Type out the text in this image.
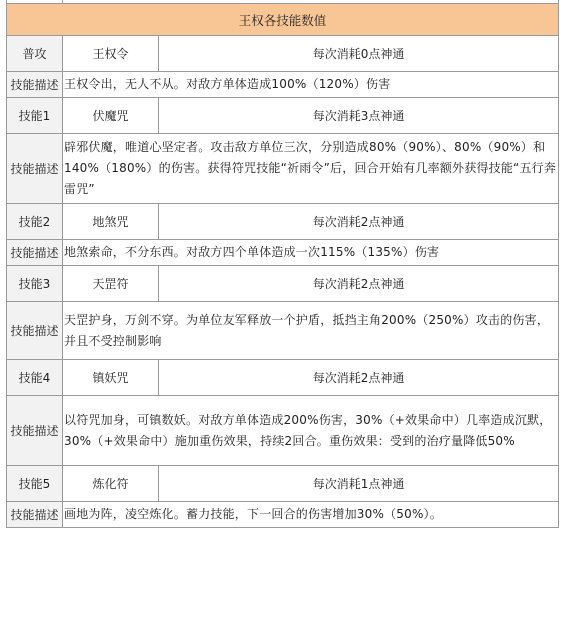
王权各技能数值		
普攻	王权令	每次消耗0点神通
技能描述	王权令出，无人不从。对敌方单体造成100%（120%）伤害	
技能1	伏魔咒	每次消耗3点神通
技能描述	辟邪伏魔，唯道心坚定者。攻击敌方单位三次，分别造成80%（90%）、80%（90%）和140%（180%）的伤害。获得符咒技能“祈雨令”后，回合开始有几率额外获得技能“五行奔雷咒”	
技能2	地煞咒	每次消耗2点神通
技能描述	地煞索命，不分东西。对敌方四个单体造成一次115%（135%）伤害	
技能3	天罡符	每次消耗2点神通
技能描述	天罡护身，万剑不穿。为单位友军释放一个护盾，抵挡主角200%（250%）攻击的伤害，并且不受控制影响	
技能4	镇妖咒	每次消耗2点神通
技能描述	以符咒加身，可镇数妖。对敌方单体造成200%伤害，30%（+效果命中）几率造成沉默，30%（+效果命中）施加重伤效果，持续2回合。重伤效果：受到的治疗量降低50%	
技能5	炼化符	每次消耗1点神通
技能描述	画地为阵，凌空炼化。蓄力技能，下一回合的伤害增加30%（50%）。	
